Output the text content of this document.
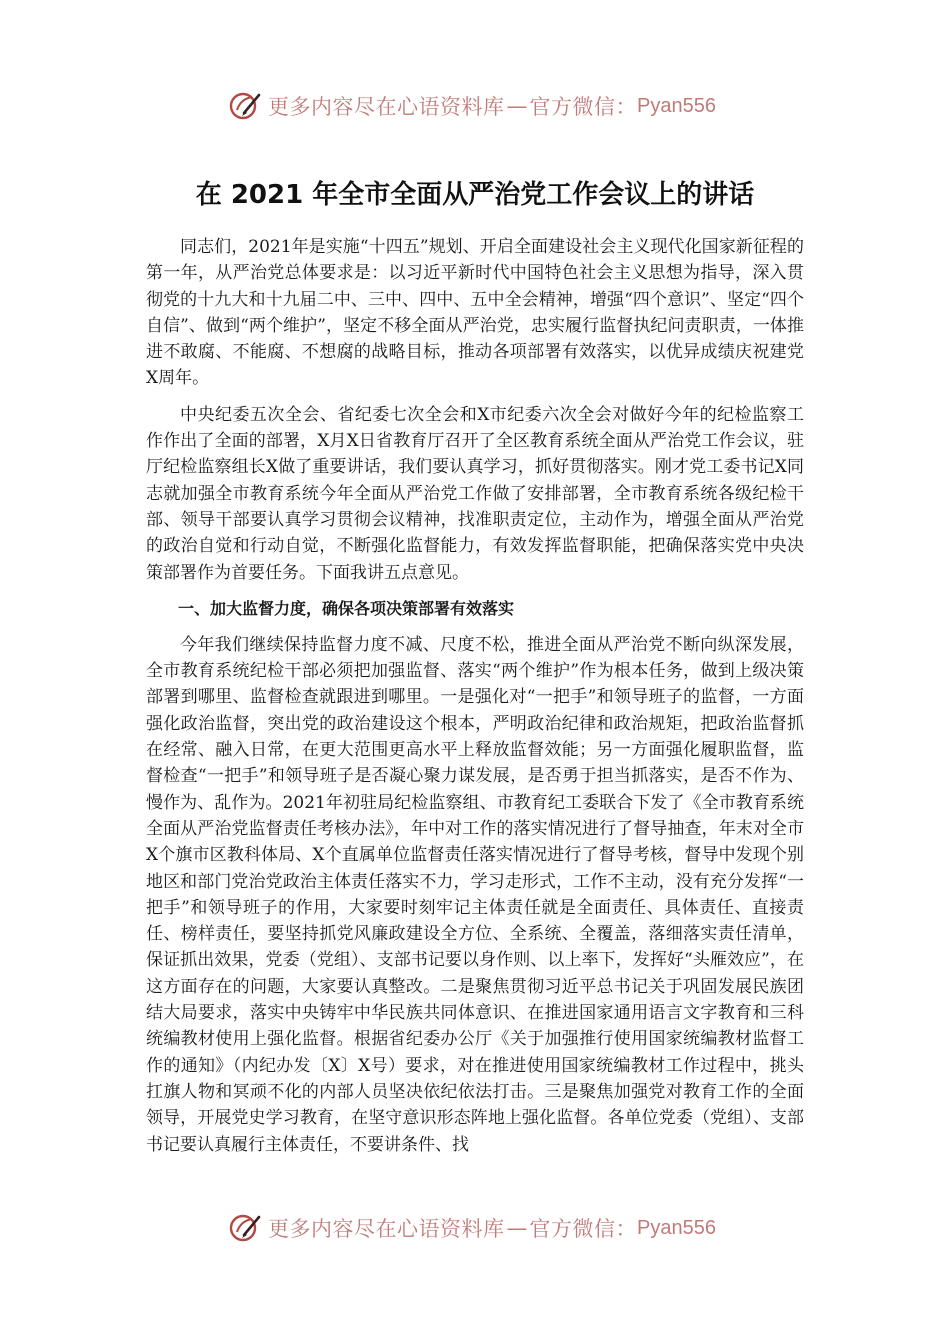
更多内容尽在心语资料库 — 官方微信： Pyan556
在 2021 年全市全面从严治党工作会议上的讲话

同志们，2021年是实施“十四五”规划、开启全面建设社会主义现代化国家新征程的第一年，从严治党总体要求是：以习近平新时代中国特色社会主义思想为指导，深入贯彻党的十九大和十九届二中、三中、四中、五中全会精神，增强“四个意识”、坚定“四个自信”、做到“两个维护”，坚定不移全面从严治党，忠实履行监督执纪问责职责，一体推进不敢腐、不能腐、不想腐的战略目标，推动各项部署有效落实，以优异成绩庆祝建党X周年。

中央纪委五次全会、省纪委七次全会和X市纪委六次全会对做好今年的纪检监察工作作出了全面的部署，X月X日省教育厅召开了全区教育系统全面从严治党工作会议，驻厅纪检监察组长X做了重要讲话，我们要认真学习，抓好贯彻落实。刚才党工委书记X同志就加强全市教育系统今年全面从严治党工作做了安排部署，全市教育系统各级纪检干部、领导干部要认真学习贯彻会议精神，找准职责定位，主动作为，增强全面从严治党的政治自觉和行动自觉，不断强化监督能力，有效发挥监督职能，把确保落实党中央决策部署作为首要任务。下面我讲五点意见。

一、加大监督力度，确保各项决策部署有效落实

今年我们继续保持监督力度不减、尺度不松，推进全面从严治党不断向纵深发展，全市教育系统纪检干部必须把加强监督、落实“两个维护”作为根本任务，做到上级决策部署到哪里、监督检查就跟进到哪里。一是强化对“一把手”和领导班子的监督，一方面强化政治监督，突出党的政治建设这个根本，严明政治纪律和政治规矩，把政治监督抓在经常、融入日常，在更大范围更高水平上释放监督效能；另一方面强化履职监督，监督检查“一把手”和领导班子是否凝心聚力谋发展，是否勇于担当抓落实，是否不作为、慢作为、乱作为。2021年初驻局纪检监察组、市教育纪工委联合下发了《全市教育系统全面从严治党监督责任考核办法》，年中对工作的落实情况进行了督导抽查，年末对全市X个旗市区教科体局、X个直属单位监督责任落实情况进行了督导考核，督导中发现个别地区和部门党治党政治主体责任落实不力，学习走形式，工作不主动，没有充分发挥“一把手”和领导班子的作用，大家要时刻牢记主体责任就是全面责任、具体责任、直接责任、榜样责任，要坚持抓党风廉政建设全方位、全系统、全覆盖，落细落实责任清单，保证抓出效果，党委（党组）、支部书记要以身作则、以上率下，发挥好“头雁效应”，在这方面存在的问题，大家要认真整改。二是聚焦贯彻习近平总书记关于巩固发展民族团结大局要求，落实中央铸牢中华民族共同体意识、在推进国家通用语言文字教育和三科统编教材使用上强化监督。根据省纪委办公厅《关于加强推行使用国家统编教材监督工作的通知》（内纪办发〔X〕X号）要求，对在推进使用国家统编教材工作过程中，挑头扛旗人物和冥顽不化的内部人员坚决依纪依法打击。三是聚焦加强党对教育工作的全面领导，开展党史学习教育，在坚守意识形态阵地上强化监督。各单位党委（党组）、支部书记要认真履行主体责任，不要讲条件、找

更多内容尽在心语资料库 — 官方微信： Pyan556
